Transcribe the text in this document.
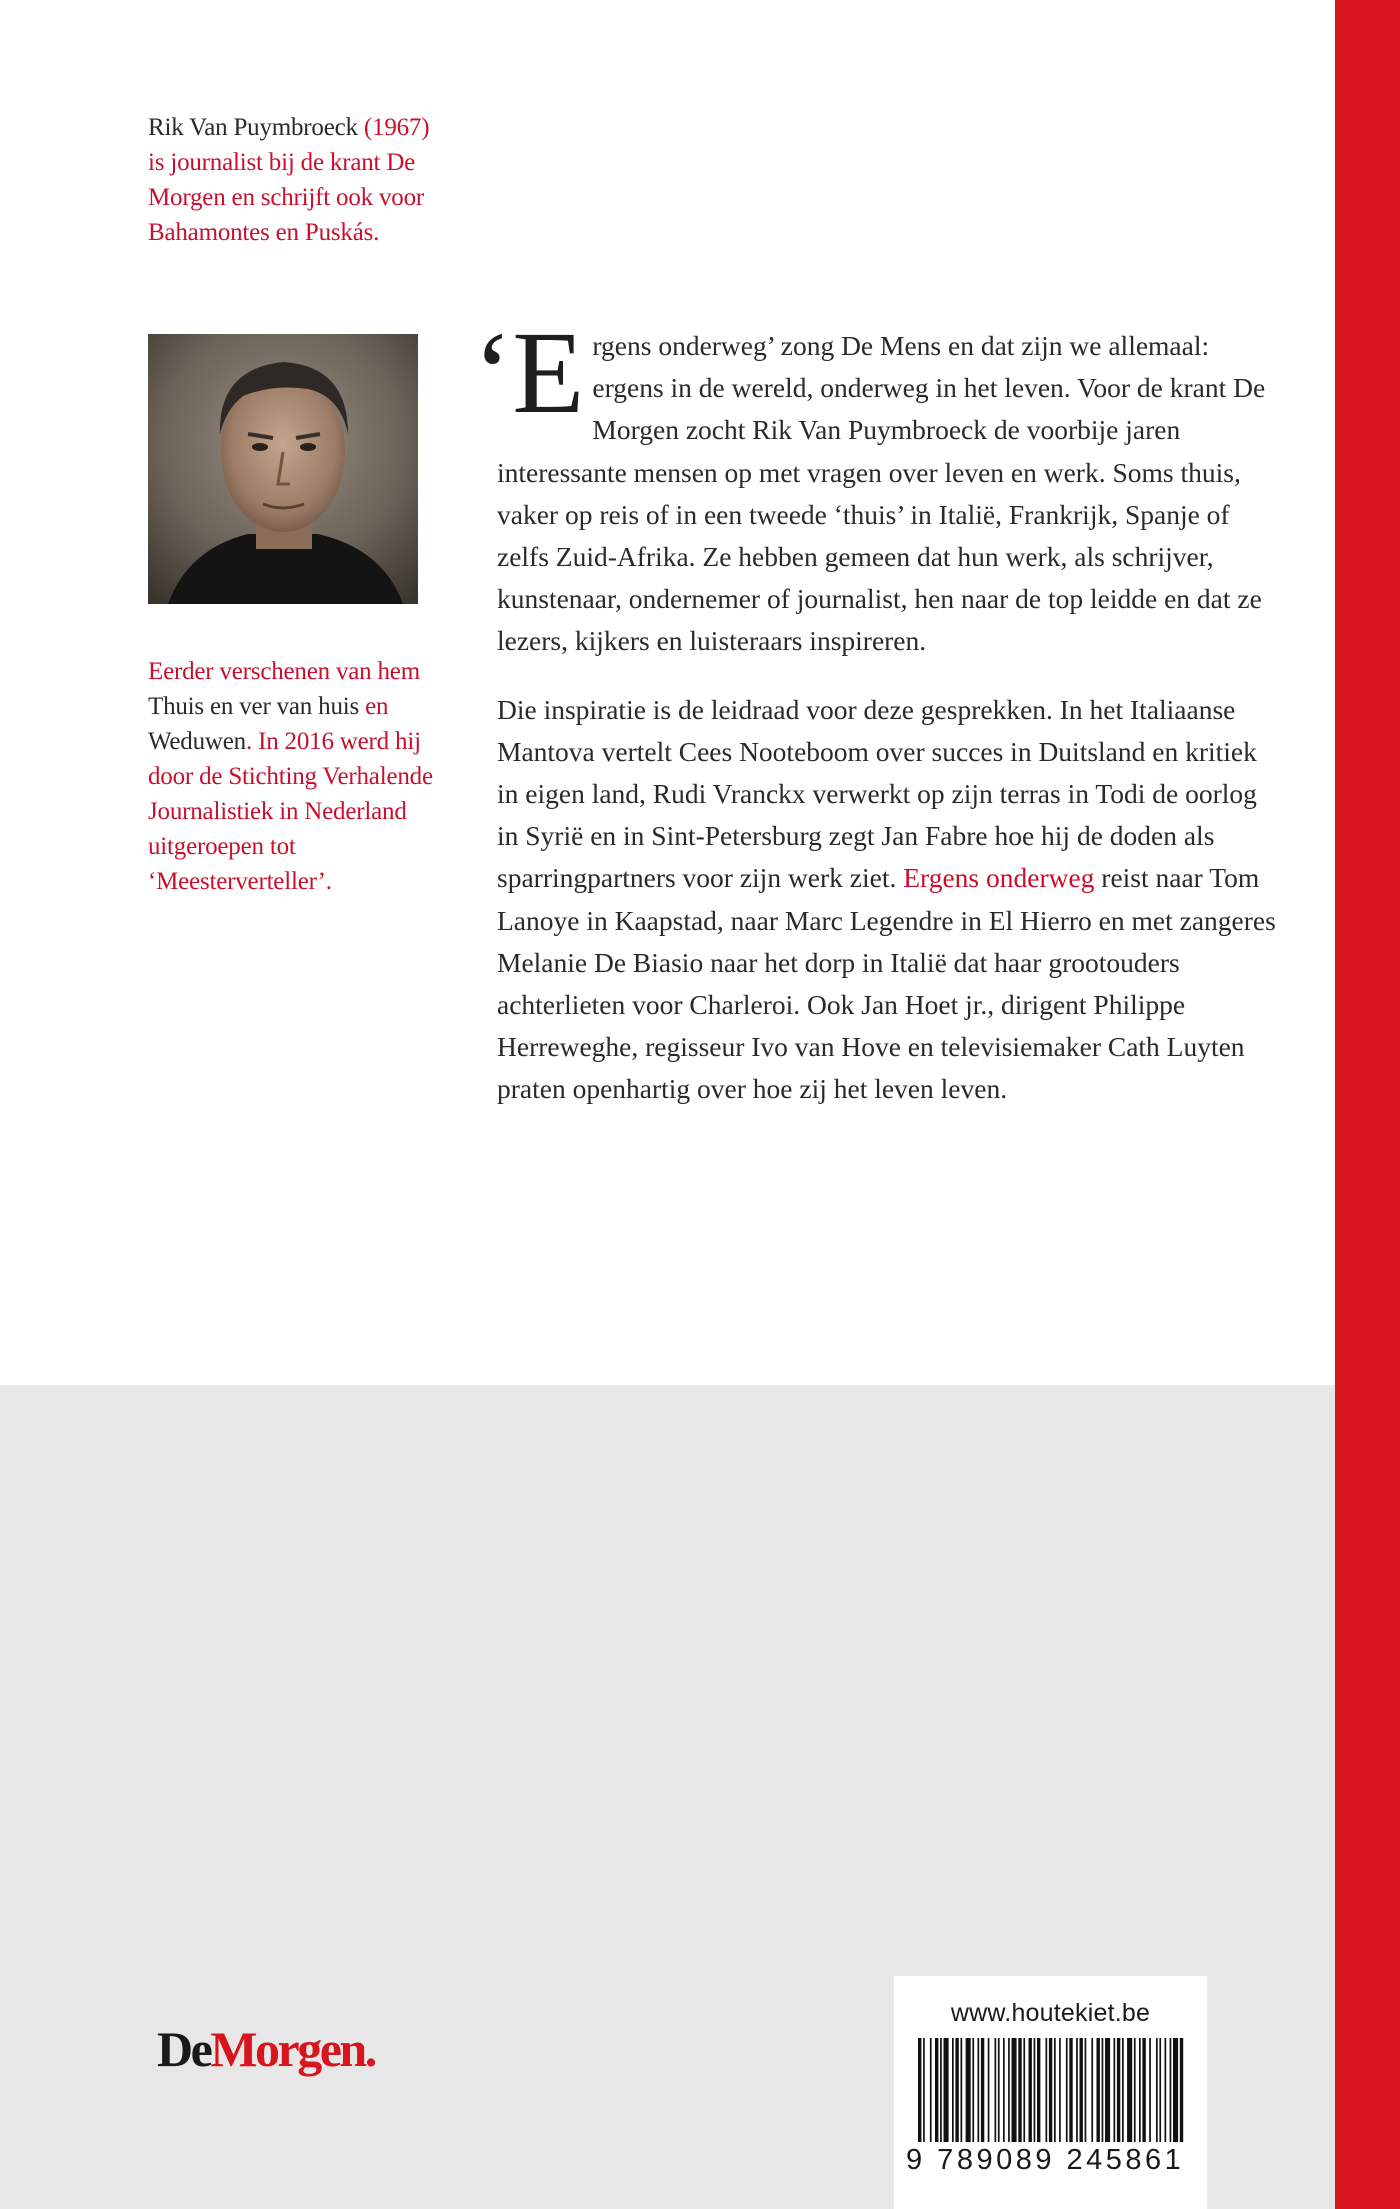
Rik Van Puymbroeck (1967) is journalist bij de krant De Morgen en schrijft ook voor Bahamontes en Puskás.
Eerder verschenen van hem Thuis en ver van huis en Weduwen. In 2016 werd hij door de Stichting Verhalende Journalistiek in Nederland uitgeroepen tot ‘Meesterverteller’.

‘Ergens onderweg’ zong De Mens en dat zijn we allemaal: ergens in de wereld, onderweg in het leven. Voor de krant De Morgen zocht Rik Van Puymbroeck de voorbije jaren interessante mensen op met vragen over leven en werk. Soms thuis, vaker op reis of in een tweede ‘thuis’ in Italië, Frankrijk, Spanje of zelfs Zuid-Afrika. Ze hebben gemeen dat hun werk, als schrijver, kunstenaar, ondernemer of journalist, hen naar de top leidde en dat ze lezers, kijkers en luisteraars inspireren.

Die inspiratie is de leidraad voor deze gesprekken. In het Italiaanse Mantova vertelt Cees Nooteboom over succes in Duitsland en kritiek in eigen land, Rudi Vranckx verwerkt op zijn terras in Todi de oorlog in Syrië en in Sint-Petersburg zegt Jan Fabre hoe hij de doden als sparringpartners voor zijn werk ziet. Ergens onderweg reist naar Tom Lanoye in Kaapstad, naar Marc Legendre in El Hierro en met zangeres Melanie De Biasio naar het dorp in Italië dat haar grootouders achterlieten voor Charleroi. Ook Jan Hoet jr., dirigent Philippe Herreweghe, regisseur Ivo van Hove en televisiemaker Cath Luyten praten openhartig over hoe zij het leven leven.

DeMorgen.
www.houtekiet.be
9 789089 245861
